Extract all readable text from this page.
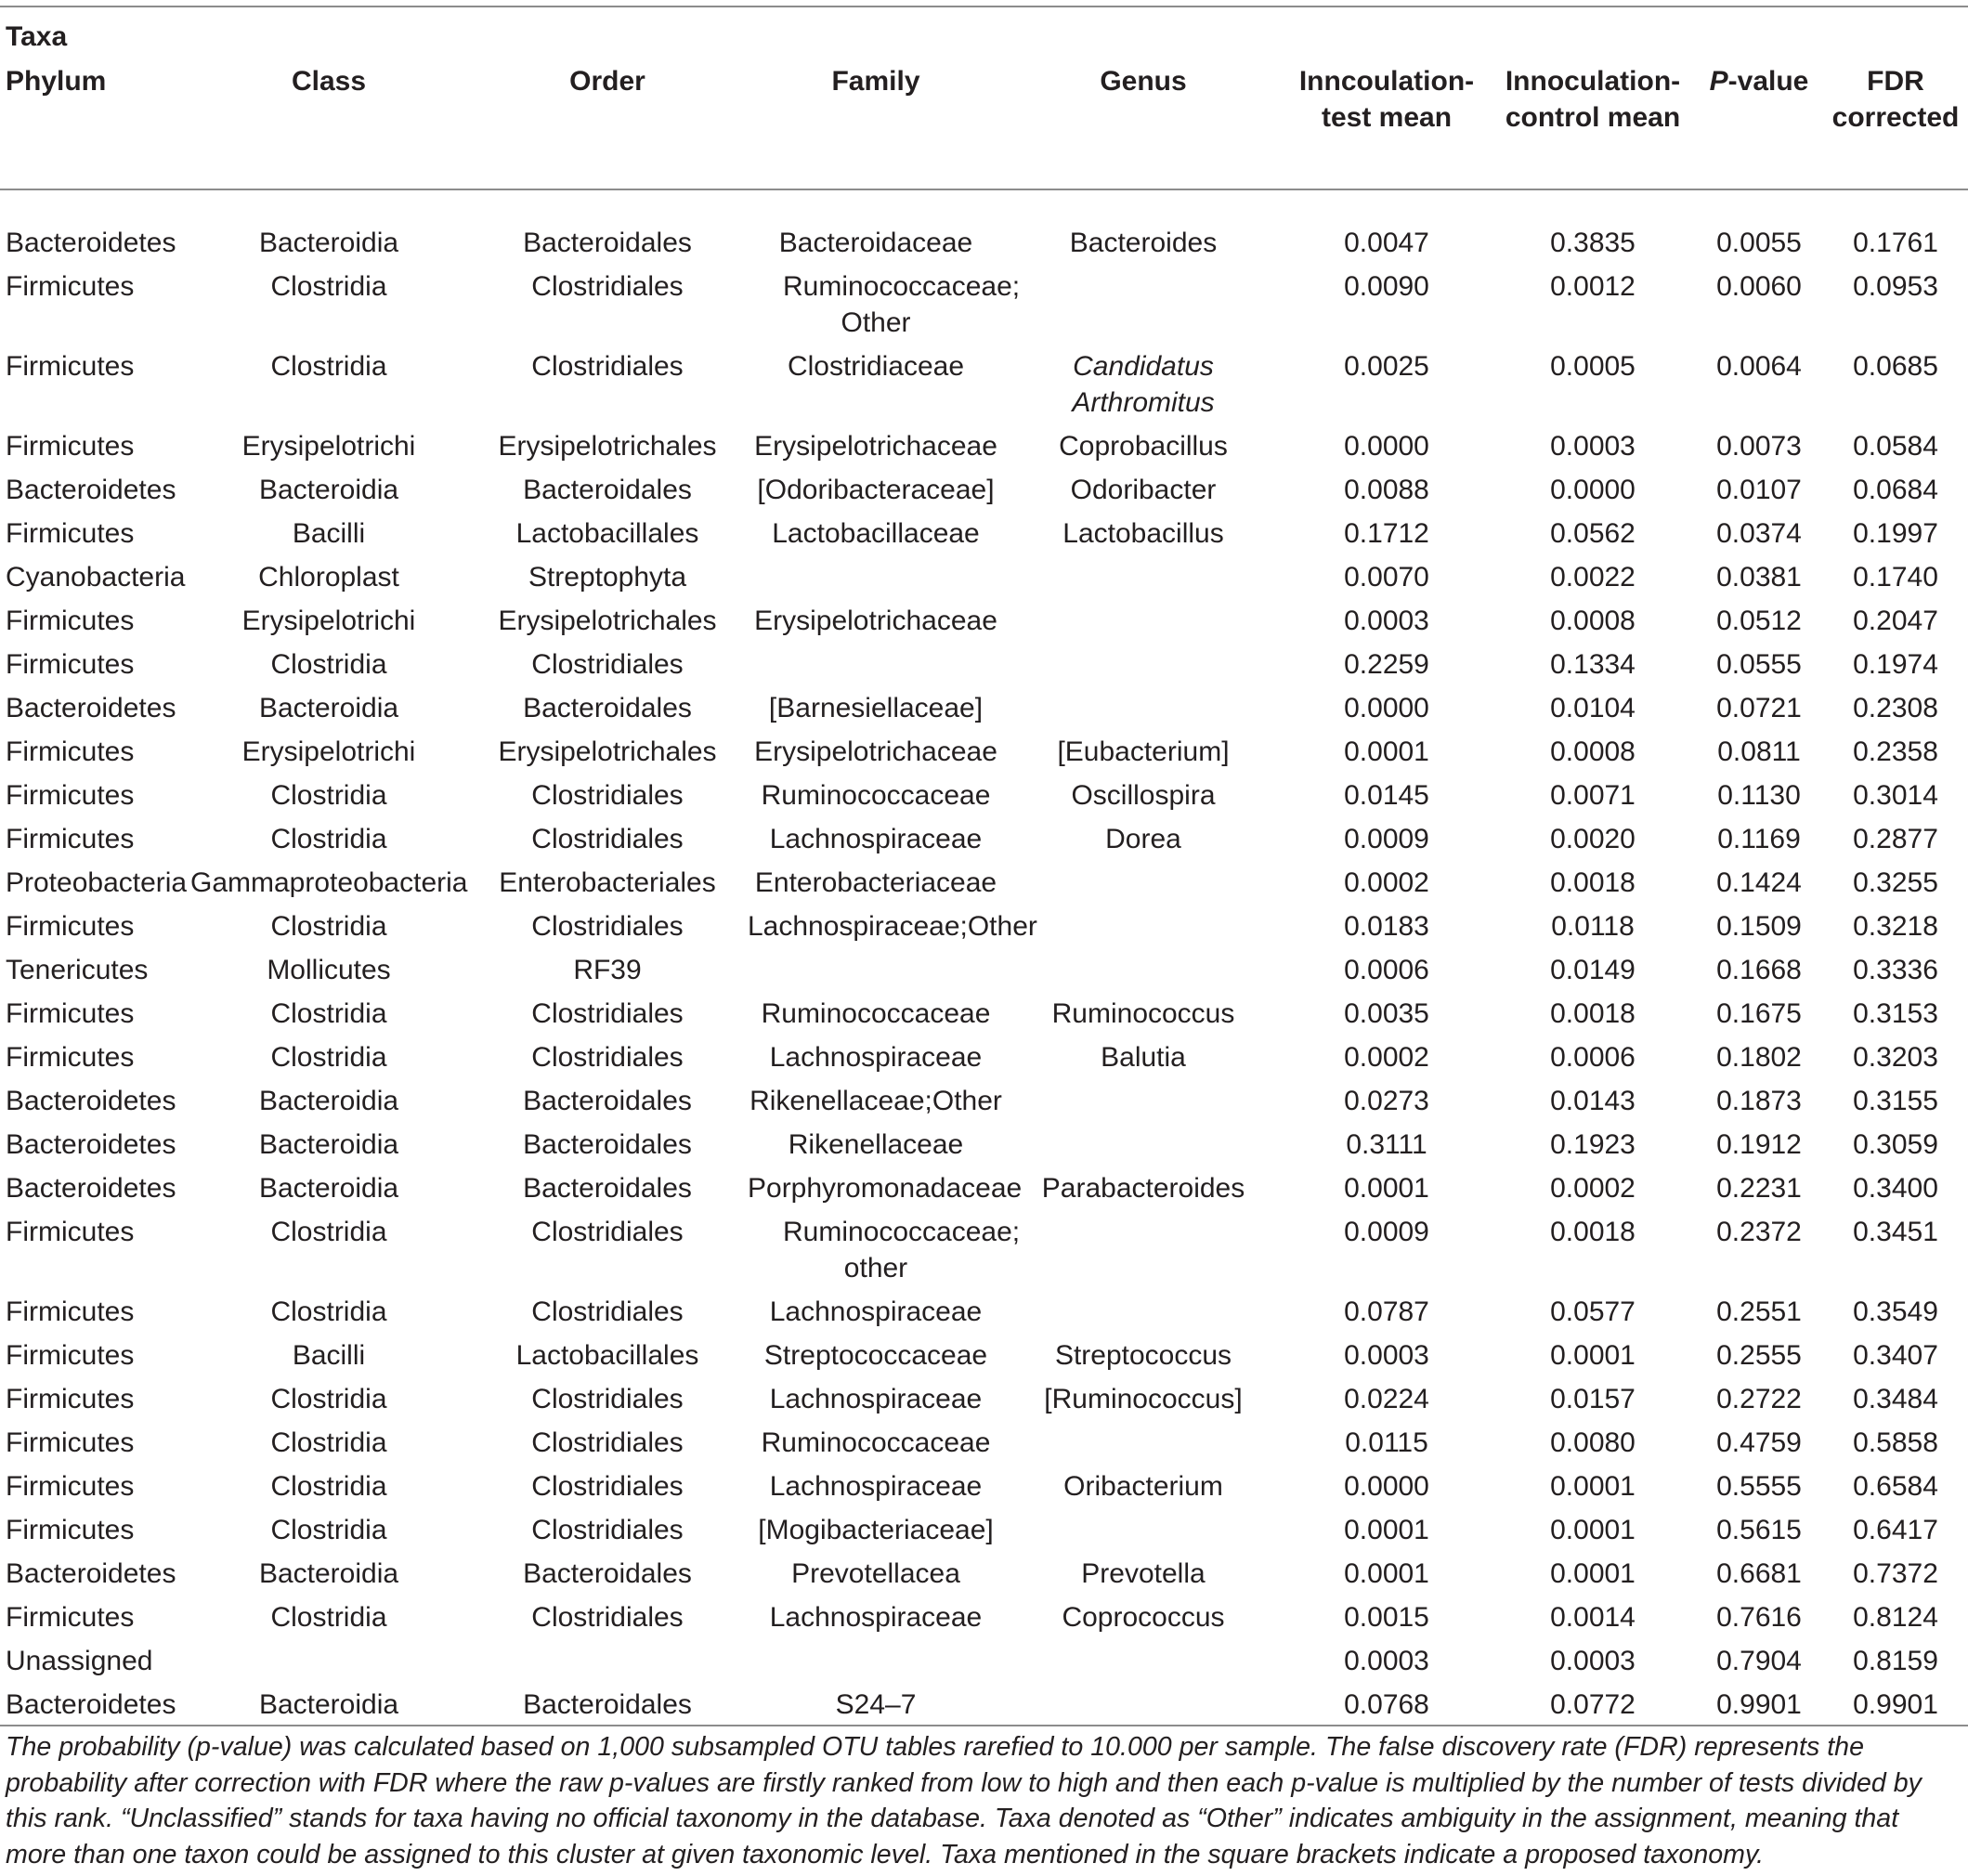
Taxa								
Phylum	Class	Order	Family	Genus	Inncoulation-test mean	Innoculation-control mean	P-value	FDR corrected
Bacteroidetes	Bacteroidia	Bacteroidales	Bacteroidaceae	Bacteroides	0.0047	0.3835	0.0055	0.1761
Firmicutes	Clostridia	Clostridiales	Ruminococcaceae; Other		0.0090	0.0012	0.0060	0.0953
Firmicutes	Clostridia	Clostridiales	Clostridiaceae	Candidatus Arthromitus	0.0025	0.0005	0.0064	0.0685
Firmicutes	Erysipelotrichi	Erysipelotrichales	Erysipelotrichaceae	Coprobacillus	0.0000	0.0003	0.0073	0.0584
Bacteroidetes	Bacteroidia	Bacteroidales	[Odoribacteraceae]	Odoribacter	0.0088	0.0000	0.0107	0.0684
Firmicutes	Bacilli	Lactobacillales	Lactobacillaceae	Lactobacillus	0.1712	0.0562	0.0374	0.1997
Cyanobacteria	Chloroplast	Streptophyta			0.0070	0.0022	0.0381	0.1740
Firmicutes	Erysipelotrichi	Erysipelotrichales	Erysipelotrichaceae		0.0003	0.0008	0.0512	0.2047
Firmicutes	Clostridia	Clostridiales			0.2259	0.1334	0.0555	0.1974
Bacteroidetes	Bacteroidia	Bacteroidales	[Barnesiellaceae]		0.0000	0.0104	0.0721	0.2308
Firmicutes	Erysipelotrichi	Erysipelotrichales	Erysipelotrichaceae	[Eubacterium]	0.0001	0.0008	0.0811	0.2358
Firmicutes	Clostridia	Clostridiales	Ruminococcaceae	Oscillospira	0.0145	0.0071	0.1130	0.3014
Firmicutes	Clostridia	Clostridiales	Lachnospiraceae	Dorea	0.0009	0.0020	0.1169	0.2877
Proteobacteria	Gammaproteobacteria	Enterobacteriales	Enterobacteriaceae		0.0002	0.0018	0.1424	0.3255
Firmicutes	Clostridia	Clostridiales	Lachnospiraceae;Other		0.0183	0.0118	0.1509	0.3218
Tenericutes	Mollicutes	RF39			0.0006	0.0149	0.1668	0.3336
Firmicutes	Clostridia	Clostridiales	Ruminococcaceae	Ruminococcus	0.0035	0.0018	0.1675	0.3153
Firmicutes	Clostridia	Clostridiales	Lachnospiraceae	Balutia	0.0002	0.0006	0.1802	0.3203
Bacteroidetes	Bacteroidia	Bacteroidales	Rikenellaceae;Other		0.0273	0.0143	0.1873	0.3155
Bacteroidetes	Bacteroidia	Bacteroidales	Rikenellaceae		0.3111	0.1923	0.1912	0.3059
Bacteroidetes	Bacteroidia	Bacteroidales	Porphyromonadaceae	Parabacteroides	0.0001	0.0002	0.2231	0.3400
Firmicutes	Clostridia	Clostridiales	Ruminococcaceae; other		0.0009	0.0018	0.2372	0.3451
Firmicutes	Clostridia	Clostridiales	Lachnospiraceae		0.0787	0.0577	0.2551	0.3549
Firmicutes	Bacilli	Lactobacillales	Streptococcaceae	Streptococcus	0.0003	0.0001	0.2555	0.3407
Firmicutes	Clostridia	Clostridiales	Lachnospiraceae	[Ruminococcus]	0.0224	0.0157	0.2722	0.3484
Firmicutes	Clostridia	Clostridiales	Ruminococcaceae		0.0115	0.0080	0.4759	0.5858
Firmicutes	Clostridia	Clostridiales	Lachnospiraceae	Oribacterium	0.0000	0.0001	0.5555	0.6584
Firmicutes	Clostridia	Clostridiales	[Mogibacteriaceae]		0.0001	0.0001	0.5615	0.6417
Bacteroidetes	Bacteroidia	Bacteroidales	Prevotellacea	Prevotella	0.0001	0.0001	0.6681	0.7372
Firmicutes	Clostridia	Clostridiales	Lachnospiraceae	Coprococcus	0.0015	0.0014	0.7616	0.8124
Unassigned					0.0003	0.0003	0.7904	0.8159
Bacteroidetes	Bacteroidia	Bacteroidales	S24–7		0.0768	0.0772	0.9901	0.9901

The probability (p-value) was calculated based on 1,000 subsampled OTU tables rarefied to 10.000 per sample. The false discovery rate (FDR) represents the probability after correction with FDR where the raw p-values are firstly ranked from low to high and then each p-value is multiplied by the number of tests divided by this rank. “Unclassified” stands for taxa having no official taxonomy in the database. Taxa denoted as “Other” indicates ambiguity in the assignment, meaning that more than one taxon could be assigned to this cluster at given taxonomic level. Taxa mentioned in the square brackets indicate a proposed taxonomy.
